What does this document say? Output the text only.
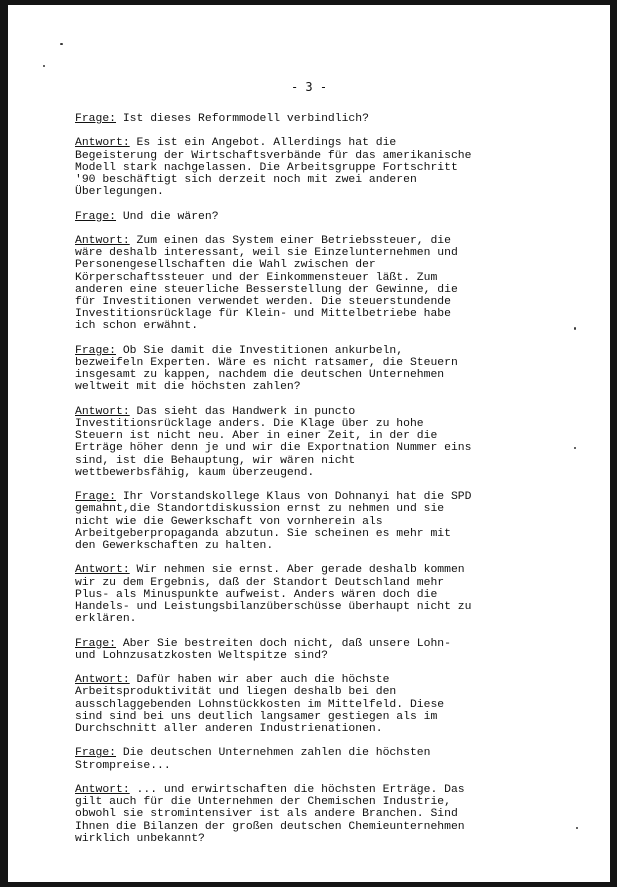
- 3 -

Frage: Ist dieses Reformmodell verbindlich?

Antwort: Es ist ein Angebot. Allerdings hat die
Begeisterung der Wirtschaftsverbände für das amerikanische
Modell stark nachgelassen. Die Arbeitsgruppe Fortschritt
'90 beschäftigt sich derzeit noch mit zwei anderen
Überlegungen.

Frage: Und die wären?

Antwort: Zum einen das System einer Betriebssteuer, die
wäre deshalb interessant, weil sie Einzelunternehmen und
Personengesellschaften die Wahl zwischen der
Körperschaftssteuer und der Einkommensteuer läßt. Zum
anderen eine steuerliche Besserstellung der Gewinne, die
für Investitionen verwendet werden. Die steuerstundende
Investitionsrücklage für Klein- und Mittelbetriebe habe
ich schon erwähnt.

Frage: Ob Sie damit die Investitionen ankurbeln,
bezweifeln Experten. Wäre es nicht ratsamer, die Steuern
insgesamt zu kappen, nachdem die deutschen Unternehmen
weltweit mit die höchsten zahlen?

Antwort: Das sieht das Handwerk in puncto
Investitionsrücklage anders. Die Klage über zu hohe
Steuern ist nicht neu. Aber in einer Zeit, in der die
Erträge höher denn je und wir die Exportnation Nummer eins
sind, ist die Behauptung, wir wären nicht
wettbewerbsfähig, kaum überzeugend.

Frage: Ihr Vorstandskollege Klaus von Dohnanyi hat die SPD
gemahnt,die Standortdiskussion ernst zu nehmen und sie
nicht wie die Gewerkschaft von vornherein als
Arbeitgeberpropaganda abzutun. Sie scheinen es mehr mit
den Gewerkschaften zu halten.

Antwort: Wir nehmen sie ernst. Aber gerade deshalb kommen
wir zu dem Ergebnis, daß der Standort Deutschland mehr
Plus- als Minuspunkte aufweist. Anders wären doch die
Handels- und Leistungsbilanzüberschüsse überhaupt nicht zu
erklären.

Frage: Aber Sie bestreiten doch nicht, daß unsere Lohn-
und Lohnzusatzkosten Weltspitze sind?

Antwort: Dafür haben wir aber auch die höchste
Arbeitsproduktivität und liegen deshalb bei den
ausschlaggebenden Lohnstückkosten im Mittelfeld. Diese
sind sind bei uns deutlich langsamer gestiegen als im
Durchschnitt aller anderen Industrienationen.

Frage: Die deutschen Unternehmen zahlen die höchsten
Strompreise...

Antwort: ... und erwirtschaften die höchsten Erträge. Das
gilt auch für die Unternehmen der Chemischen Industrie,
obwohl sie stromintensiver ist als andere Branchen. Sind
Ihnen die Bilanzen der großen deutschen Chemieunternehmen
wirklich unbekannt?
